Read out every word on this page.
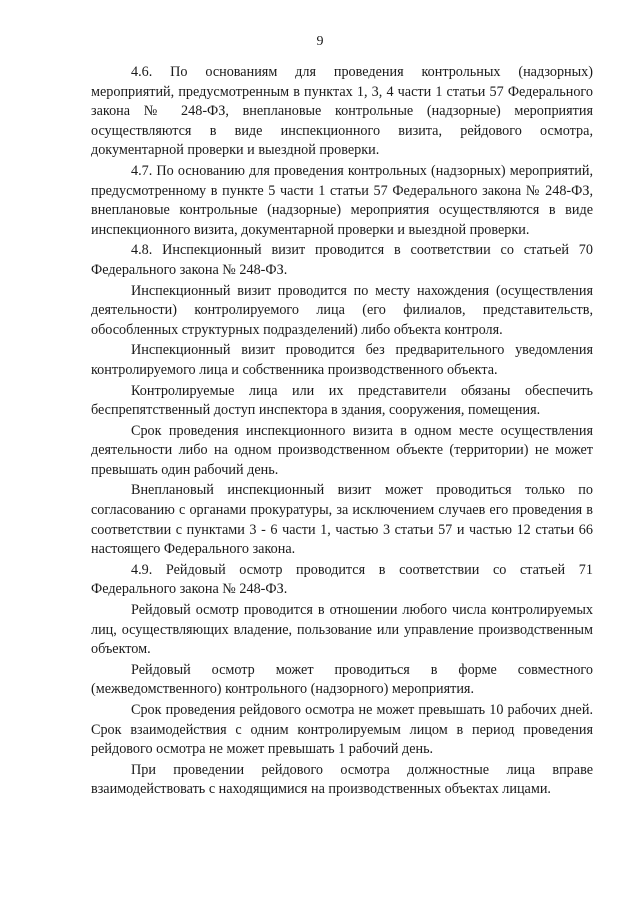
9

4.6. По основаниям для проведения контрольных (надзорных) мероприятий, предусмотренным в пунктах 1, 3, 4 части 1 статьи 57 Федерального закона № 248-ФЗ, внеплановые контрольные (надзорные) мероприятия осуществляются в виде инспекционного визита, рейдового осмотра, документарной проверки и выездной проверки.

4.7. По основанию для проведения контрольных (надзорных) мероприятий, предусмотренному в пункте 5 части 1 статьи 57 Федерального закона № 248-ФЗ, внеплановые контрольные (надзорные) мероприятия осуществляются в виде инспекционного визита, документарной проверки и выездной проверки.

4.8. Инспекционный визит проводится в соответствии со статьей 70 Федерального закона № 248-ФЗ.

Инспекционный визит проводится по месту нахождения (осуществления деятельности) контролируемого лица (его филиалов, представительств, обособленных структурных подразделений) либо объекта контроля.

Инспекционный визит проводится без предварительного уведомления контролируемого лица и собственника производственного объекта.

Контролируемые лица или их представители обязаны обеспечить беспрепятственный доступ инспектора в здания, сооружения, помещения.

Срок проведения инспекционного визита в одном месте осуществления деятельности либо на одном производственном объекте (территории) не может превышать один рабочий день.

Внеплановый инспекционный визит может проводиться только по согласованию с органами прокуратуры, за исключением случаев его проведения в соответствии с пунктами 3 - 6 части 1, частью 3 статьи 57 и частью 12 статьи 66 настоящего Федерального закона.

4.9. Рейдовый осмотр проводится в соответствии со статьей 71 Федерального закона № 248-ФЗ.

Рейдовый осмотр проводится в отношении любого числа контролируемых лиц, осуществляющих владение, пользование или управление производственным объектом.

Рейдовый осмотр может проводиться в форме совместного (межведомственного) контрольного (надзорного) мероприятия.

Срок проведения рейдового осмотра не может превышать 10 рабочих дней. Срок взаимодействия с одним контролируемым лицом в период проведения рейдового осмотра не может превышать 1 рабочий день.

При проведении рейдового осмотра должностные лица вправе взаимодействовать с находящимися на производственных объектах лицами.
